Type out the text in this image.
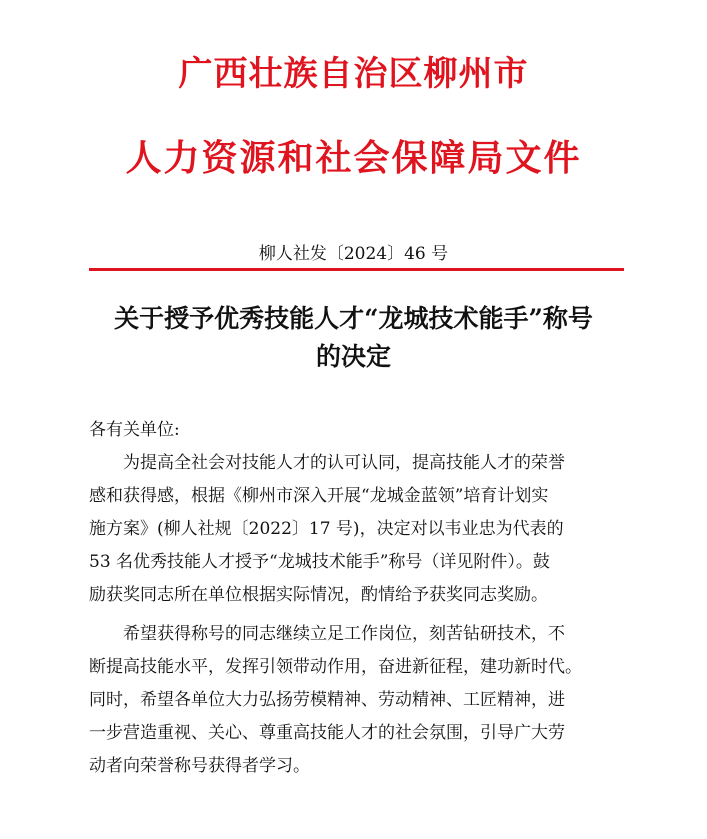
广西壮族自治区柳州市
人力资源和社会保障局文件
柳人社发〔2024〕46 号
关于授予优秀技能人才“龙城技术能手”称号
的决定
各有关单位:
　　为提高全社会对技能人才的认可认同，提高技能人才的荣誉
感和获得感，根据《柳州市深入开展“龙城金蓝领”培育计划实
施方案》(柳人社规〔2022〕17 号)，决定对以韦业忠为代表的
53 名优秀技能人才授予“龙城技术能手”称号（详见附件）。鼓
励获奖同志所在单位根据实际情况，酌情给予获奖同志奖励。
　　希望获得称号的同志继续立足工作岗位，刻苦钻研技术，不
断提高技能水平，发挥引领带动作用，奋进新征程，建功新时代。
同时，希望各单位大力弘扬劳模精神、劳动精神、工匠精神，进
一步营造重视、关心、尊重高技能人才的社会氛围，引导广大劳
动者向荣誉称号获得者学习。
